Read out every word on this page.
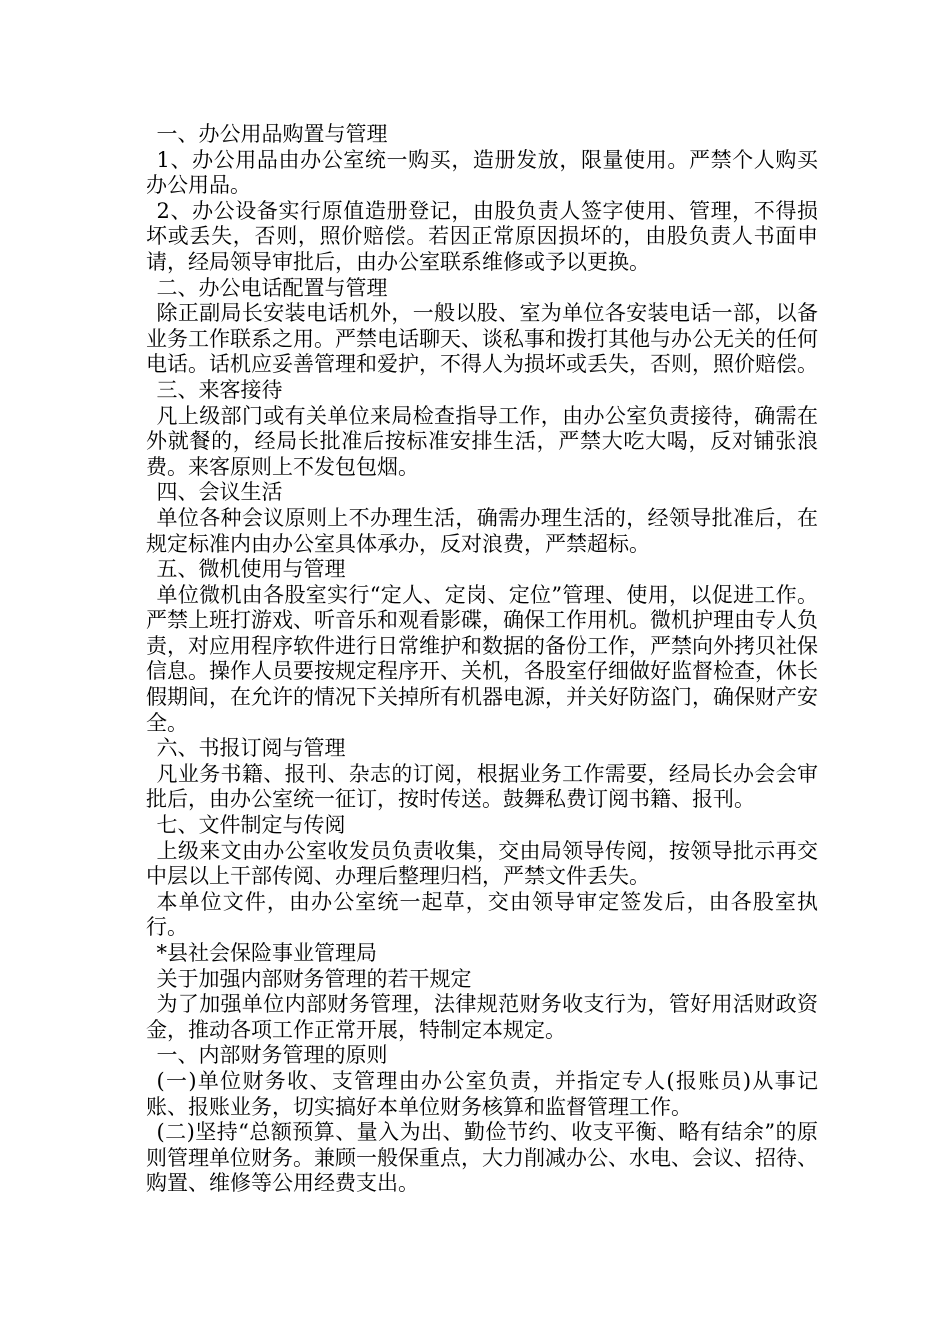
一、办公用品购置与管理

1、办公用品由办公室统一购买，造册发放，限量使用。严禁个人购买办公用品。

2、办公设备实行原值造册登记，由股负责人签字使用、管理，不得损坏或丢失，否则，照价赔偿。若因正常原因损坏的，由股负责人书面申请，经局领导审批后，由办公室联系维修或予以更换。

二、办公电话配置与管理

除正副局长安装电话机外，一般以股、室为单位各安装电话一部，以备业务工作联系之用。严禁电话聊天、谈私事和拨打其他与办公无关的任何电话。话机应妥善管理和爱护，不得人为损坏或丢失，否则，照价赔偿。

三、来客接待

凡上级部门或有关单位来局检查指导工作，由办公室负责接待，确需在外就餐的，经局长批准后按标准安排生活，严禁大吃大喝，反对铺张浪费。来客原则上不发包包烟。

四、会议生活

单位各种会议原则上不办理生活，确需办理生活的，经领导批准后，在规定标准内由办公室具体承办，反对浪费，严禁超标。

五、微机使用与管理

单位微机由各股室实行“定人、定岗、定位”管理、使用，以促进工作。严禁上班打游戏、听音乐和观看影碟，确保工作用机。微机护理由专人负责，对应用程序软件进行日常维护和数据的备份工作，严禁向外拷贝社保信息。操作人员要按规定程序开、关机，各股室仔细做好监督检查，休长假期间，在允许的情况下关掉所有机器电源，并关好防盗门，确保财产安全。

六、书报订阅与管理

凡业务书籍、报刊、杂志的订阅，根据业务工作需要，经局长办会会审批后，由办公室统一征订，按时传送。鼓舞私费订阅书籍、报刊。

七、文件制定与传阅

上级来文由办公室收发员负责收集，交由局领导传阅，按领导批示再交中层以上干部传阅、办理后整理归档，严禁文件丢失。

本单位文件，由办公室统一起草，交由领导审定签发后，由各股室执行。

*县社会保险事业管理局

关于加强内部财务管理的若干规定

为了加强单位内部财务管理，法律规范财务收支行为，管好用活财政资金，推动各项工作正常开展，特制定本规定。

一、内部财务管理的原则

(一)单位财务收、支管理由办公室负责，并指定专人(报账员)从事记账、报账业务，切实搞好本单位财务核算和监督管理工作。

(二)坚持“总额预算、量入为出、勤俭节约、收支平衡、略有结余”的原则管理单位财务。兼顾一般保重点，大力削减办公、水电、会议、招待、购置、维修等公用经费支出。
